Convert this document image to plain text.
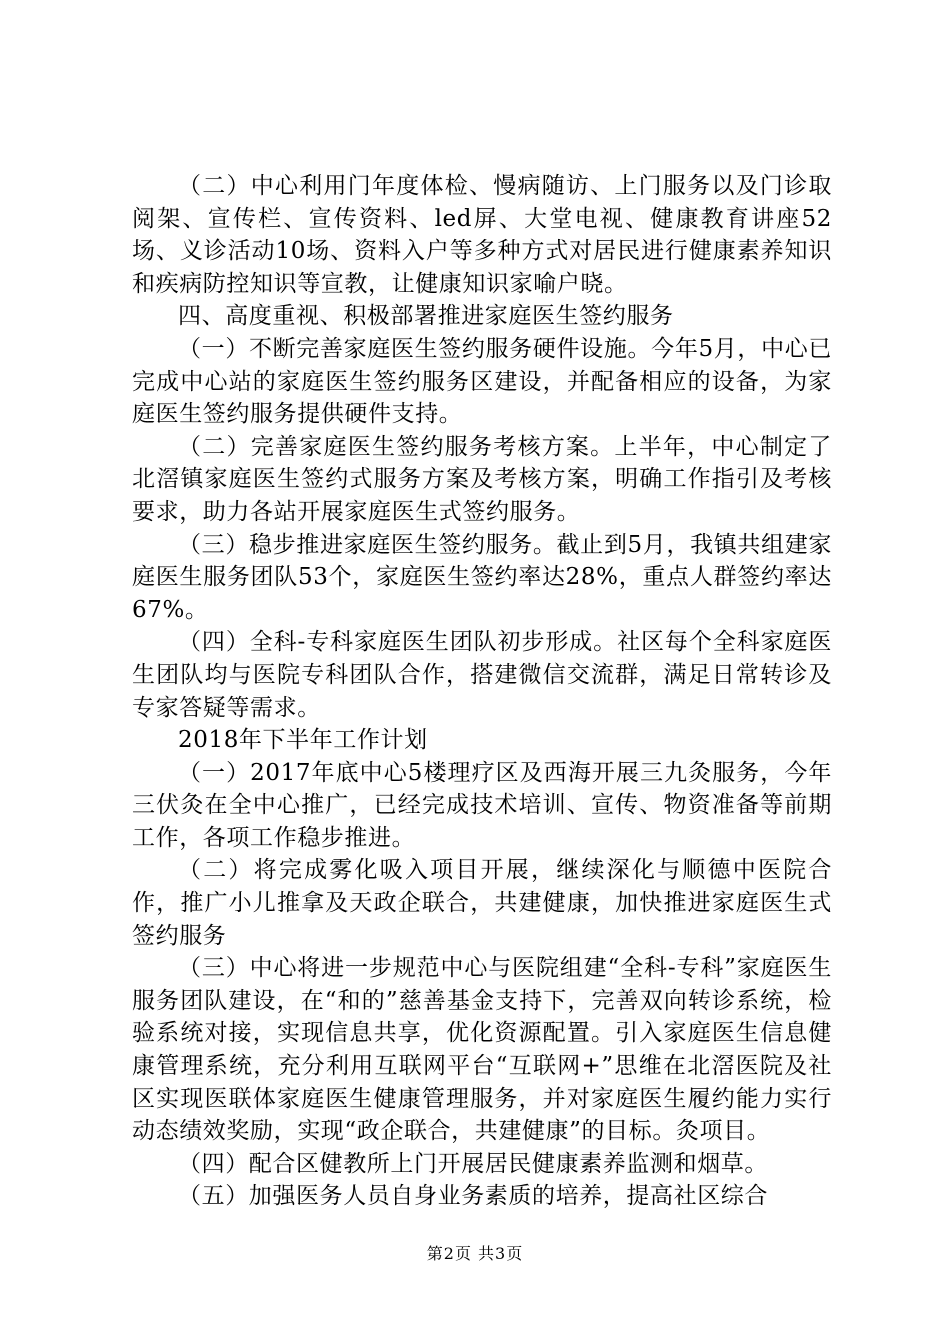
（二）中心利用门年度体检、慢病随访、上门服务以及门诊取阅架、宣传栏、宣传资料、led屏、大堂电视、健康教育讲座52场、义诊活动10场、资料入户等多种方式对居民进行健康素养知识和疾病防控知识等宣教，让健康知识家喻户晓。

四、高度重视、积极部署推进家庭医生签约服务

（一）不断完善家庭医生签约服务硬件设施。今年5月，中心已完成中心站的家庭医生签约服务区建设，并配备相应的设备，为家庭医生签约服务提供硬件支持。

（二）完善家庭医生签约服务考核方案。上半年，中心制定了北滘镇家庭医生签约式服务方案及考核方案，明确工作指引及考核要求，助力各站开展家庭医生式签约服务。

（三）稳步推进家庭医生签约服务。截止到5月，我镇共组建家庭医生服务团队53个，家庭医生签约率达28%，重点人群签约率达67%。

（四）全科-专科家庭医生团队初步形成。社区每个全科家庭医生团队均与医院专科团队合作，搭建微信交流群，满足日常转诊及专家答疑等需求。

2018年下半年工作计划

（一）2017年底中心5楼理疗区及西海开展三九灸服务，今年三伏灸在全中心推广，已经完成技术培训、宣传、物资准备等前期工作，各项工作稳步推进。

（二）将完成雾化吸入项目开展，继续深化与顺德中医院合作，推广小儿推拿及天政企联合，共建健康，加快推进家庭医生式签约服务

（三）中心将进一步规范中心与医院组建“全科-专科”家庭医生服务团队建设，在“和的”慈善基金支持下，完善双向转诊系统，检验系统对接，实现信息共享，优化资源配置。引入家庭医生信息健康管理系统，充分利用互联网平台“互联网+”思维在北滘医院及社区实现医联体家庭医生健康管理服务，并对家庭医生履约能力实行动态绩效奖励，实现“政企联合，共建健康”的目标。灸项目。

（四）配合区健教所上门开展居民健康素养监测和烟草。

（五）加强医务人员自身业务素质的培养，提高社区综合

第2页 共3页
